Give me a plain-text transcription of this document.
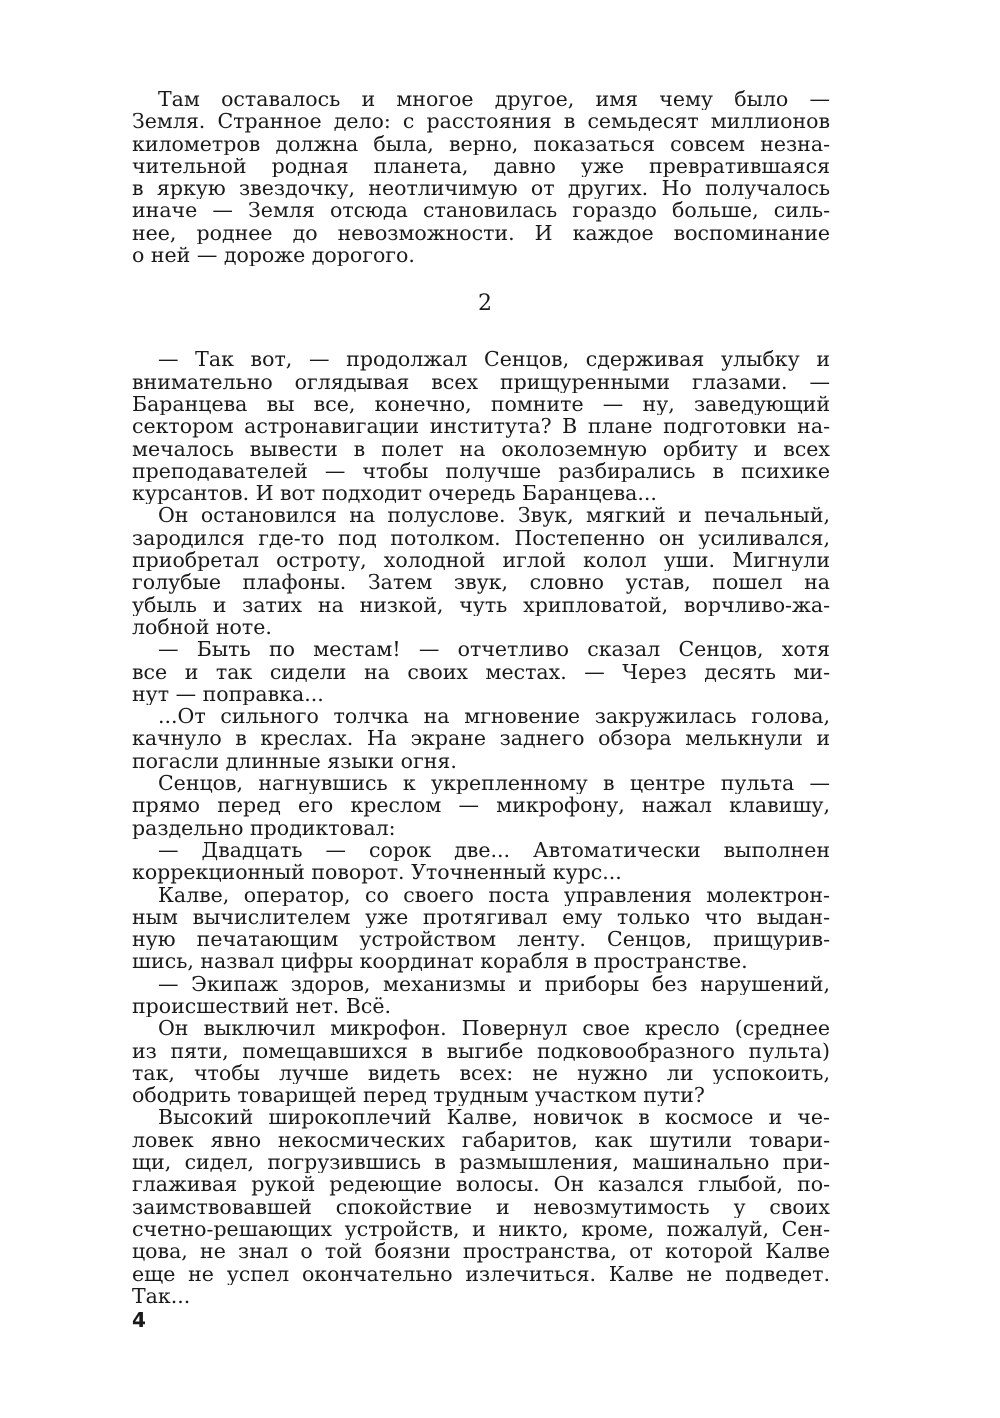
Там оставалось и многое другое, имя чему было —
Земля. Странное дело: с расстояния в семьдесят миллионов
километров должна была, верно, показаться совсем незна-
чительной родная планета, давно уже превратившаяся
в яркую звездочку, неотличимую от других. Но получалось
иначе — Земля отсюда становилась гораздо больше, силь-
нее, роднее до невозможности. И каждое воспоминание
о ней — дороже дорогого.
2
— Так вот, — продолжал Сенцов, сдерживая улыбку и
внимательно оглядывая всех прищуренными глазами. —
Баранцева вы все, конечно, помните — ну, заведующий
сектором астронавигации института? В плане подготовки на-
мечалось вывести в полет на околоземную орбиту и всех
преподавателей — чтобы получше разбирались в психике
курсантов. И вот подходит очередь Баранцева...
Он остановился на полуслове. Звук, мягкий и печальный,
зародился где-то под потолком. Постепенно он усиливался,
приобретал остроту, холодной иглой колол уши. Мигнули
голубые плафоны. Затем звук, словно устав, пошел на
убыль и затих на низкой, чуть хрипловатой, ворчливо-жа-
лобной ноте.
— Быть по местам! — отчетливо сказал Сенцов, хотя
все и так сидели на своих местах. — Через десять ми-
нут — поправка...
...От сильного толчка на мгновение закружилась голова,
качнуло в креслах. На экране заднего обзора мелькнули и
погасли длинные языки огня.
Сенцов, нагнувшись к укрепленному в центре пульта —
прямо перед его креслом — микрофону, нажал клавишу,
раздельно продиктовал:
— Двадцать — сорок две... Автоматически выполнен
коррекционный поворот. Уточненный курс...
Калве, оператор, со своего поста управления молектрон-
ным вычислителем уже протягивал ему только что выдан-
ную печатающим устройством ленту. Сенцов, прищурив-
шись, назвал цифры координат корабля в пространстве.
— Экипаж здоров, механизмы и приборы без нарушений,
происшествий нет. Всё.
Он выключил микрофон. Повернул свое кресло (среднее
из пяти, помещавшихся в выгибе подковообразного пульта)
так, чтобы лучше видеть всех: не нужно ли успокоить,
ободрить товарищей перед трудным участком пути?
Высокий широкоплечий Калве, новичок в космосе и че-
ловек явно некосмических габаритов, как шутили товари-
щи, сидел, погрузившись в размышления, машинально при-
глаживая рукой редеющие волосы. Он казался глыбой, по-
заимствовавшей спокойствие и невозмутимость у своих
счетно-решающих устройств, и никто, кроме, пожалуй, Сен-
цова, не знал о той боязни пространства, от которой Калве
еще не успел окончательно излечиться. Калве не подведет.
Так...
4
